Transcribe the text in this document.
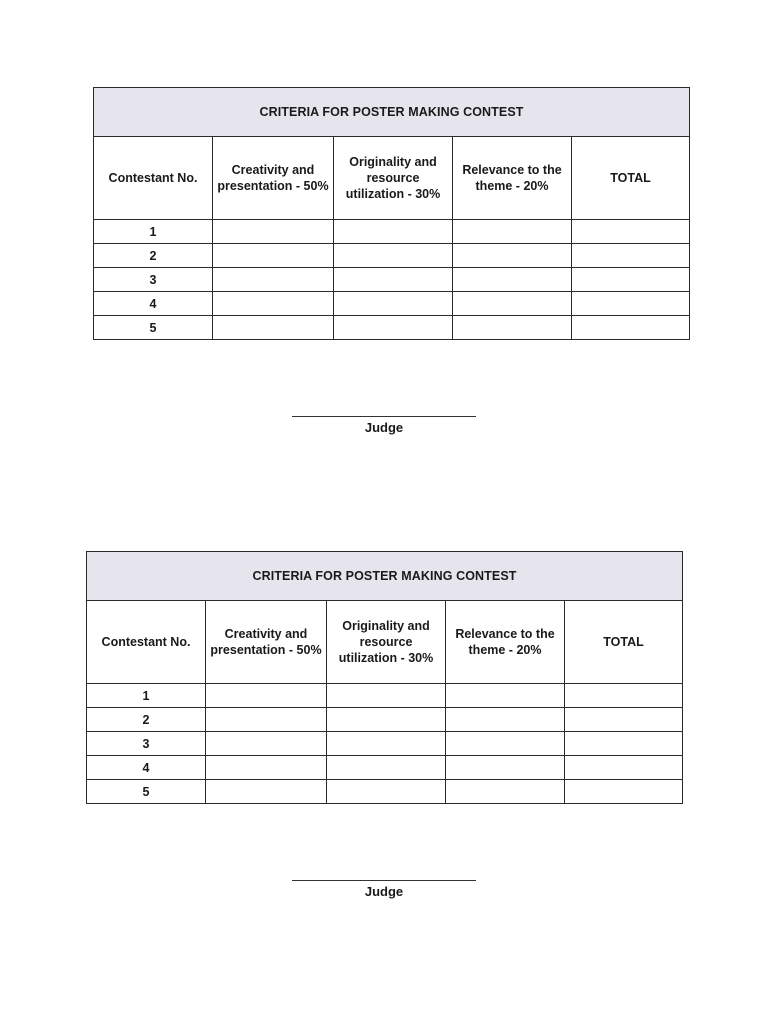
CRITERIA FOR POSTER MAKING CONTEST				
Contestant No.	Creativity and presentation - 50%	Originality and resource utilization - 30%	Relevance to the theme - 20%	TOTAL
1				
2				
3				
4				
5				
Judge
CRITERIA FOR POSTER MAKING CONTEST				
Contestant No.	Creativity and presentation - 50%	Originality and resource utilization - 30%	Relevance to the theme - 20%	TOTAL
1				
2				
3				
4				
5				
Judge
